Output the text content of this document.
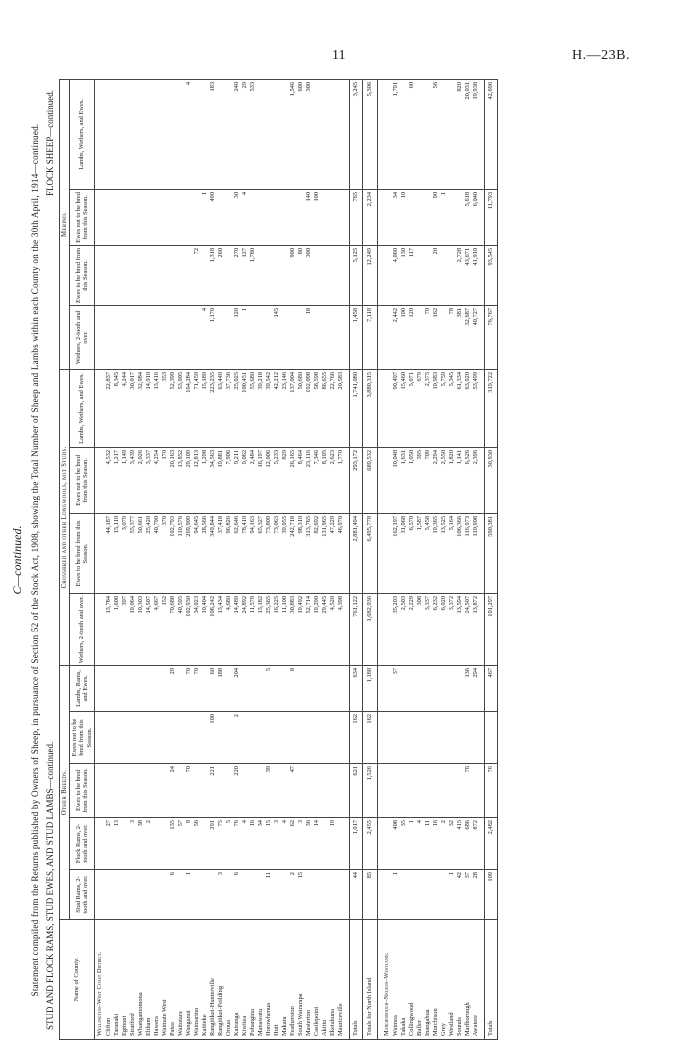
11	H.—23B.
C—continued. Statement compiled from the Returns published by Owners of Sheep, in pursuance of Section 52 of the Stock Act, 1908, showing the Total Number of Sheep and Lambs within each County on the 30th April, 1914—continued. STUD AND FLOCK RAMS, STUD EWES, AND STUD LAMBS—continued.
FLOCK SHEEP—continued.
Name of County.	Other Breeds.					Crossbred and other Longwools, not Studs.				Merino.			
	Stud Rams, 2-tooth and over.	Flock Rams, 2-tooth and over.	Ewes to be bred from this Season.	Ewes not to be bred from this Season.	Lambs, Rams, and Ewes.	Wethers, 2-tooth and over.	Ewes to be bred from this Season.	Ewes not to be bred from this Season.	Lambs, Wethers, and Ewes.	Wethers, 2-tooth and over.	Ewes to be bred from this Season.	Ewes not to be bred from this Season.	Lambs, Wethers, and Ewes.
Wellington–West Coast District.													
Clifton		27				13,784	44,187	4,532	22,837				
Taranaki		13				1,608	15,110	1,217	8,345				
Egmont						397	3,079	1,149	4,244				
Stratford		3				19,064	55,377	3,439	30,017				
Whangamomona		38				10,303	50,661	2,026	32,984				
Eltham		2				14,507	25,420	3,337	14,910				
Hawera						4,667	40,790	4,254	13,416				
Waimate West						152	370	170	353				
Patea	6	135	24		29	70,688	102,793	20,163	52,399				
Waitotara		57				40,595	110,576	13,852	53,905				
Wanganui	1	9	70		70	102,930	269,909	29,109	164,284				4
Waimarino		56			70	34,023	94,645	12,813	71,459		72		
Kaitieke						10,404	28,566	1,298	15,189	4		1	
Rangitikei-Hunterville		291	221	100	60	108,242	349,844	34,563	223,235	1,170	1,318	490	183
Rangitikei-Feilding	3	75			188	13,434	37,418	19,881	63,449		260		
Oroua		5				4,680	96,826	7,906	37,736				
Kairanga	6	76	220	2	204	14,489	62,646	9,211	25,025	120	270	30	240
Kiwitea		4				24,892	78,410	9,062	100,451	1	127	4	29
Pohangina		16				11,578	94,163	2,484	55,680		1,780		533
Manawatu		34				13,182	65,327	16,197	39,218				
Horowhenua	11	15	39		5	25,365	73,809	12,006	39,542				
Hutt		3				16,225	73,063	5,233	42,212	145			
Makara		4				11,100	39,055	829	23,146				
Featherston	2	62	47		8	30,883	242,718	26,165	137,004		900		1,546
South Wairarapa	15	3				19,492	98,310	8,464	50,680		80		600
Masterton		36				52,714	313,765	23,116	192,098	18	300	140	300
Castlepoint		14				19,290	82,692	7,346	58,598			100	
Akitio						29,445	131,965	8,105	86,655				
Eketahuna		19				4,520	47,229	2,623	22,766				
Mauriceville						4,398	46,970	1,770	20,583				

Totals	44	1,017	621	162	634	761,122	2,881,494	293,172	1,741,080	1,458	5,125	765	3,245
Totals for North Island	85	2,455	1,526	162	1,188	1,682,936	6,495,778	689,532	3,880,315	7,118	12,249	2,234	5,306

Marlborough–Nelson–Westland.													
Waimea	1	408			37	35,203	162,197	10,048	90,497	2,442	4,060	34	1,791
Takaka		35				2,503	31,068	1,631	15,460	100	130	10	
Collingwood		1				2,229	6,570	1,050	5,071	120	117		60
Buller		4				308	1,587	395	679				
Inangahua		11				3,337	5,458	709	2,375	70			
Murchison		16				6,232	19,365	2,294	10,983	162	20	90	56
Grey		2				6,020	13,525	2,550	5,759			1	
Westland	1	32				3,372	5,164	1,820	5,345	78			
Sounds	42	415				13,594	106,366	1,141	61,334	381	2,728		820
Marlborough	37	686	76		136	24,507	116,973	6,526	63,920	32,687	43,671	5,618	20,031
Awatere	28	872			294	13,872	110,908	2,396	53,499	40,727	41,910	6,040	19,938

Totals	109	2,482	76		467	101,297	590,381	30,930	319,722	76,767	93,545	11,793	42,696
